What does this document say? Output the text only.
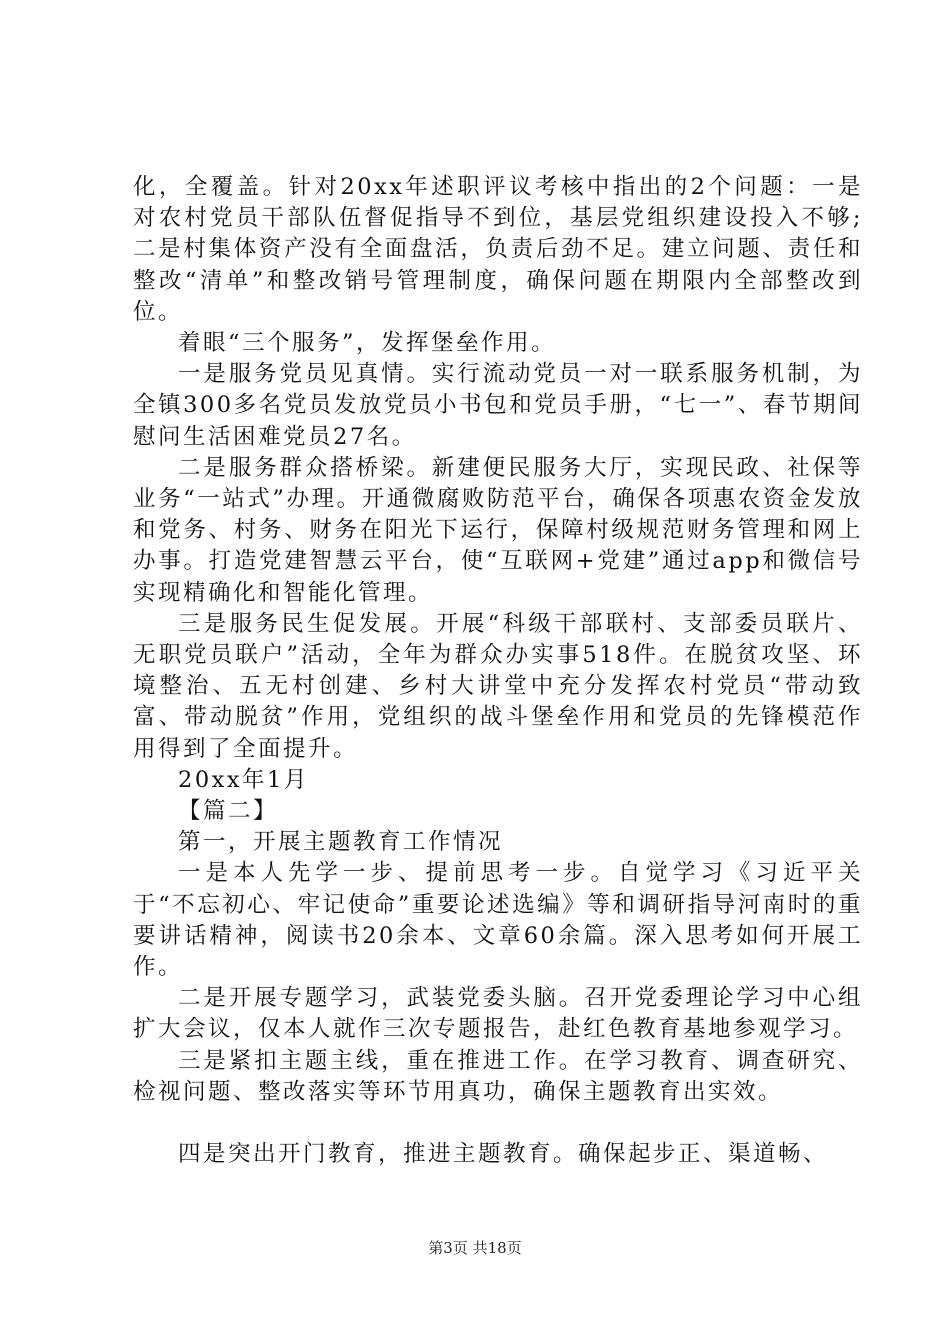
化，全覆盖。针对20xx年述职评议考核中指出的2个问题：一是对农村党员干部队伍督促指导不到位，基层党组织建设投入不够;二是村集体资产没有全面盘活，负责后劲不足。建立问题、责任和整改“清单”和整改销号管理制度，确保问题在期限内全部整改到位。

着眼“三个服务”，发挥堡垒作用。

一是服务党员见真情。实行流动党员一对一联系服务机制，为全镇300多名党员发放党员小书包和党员手册，“七一”、春节期间慰问生活困难党员27名。

二是服务群众搭桥梁。新建便民服务大厅，实现民政、社保等业务“一站式”办理。开通微腐败防范平台，确保各项惠农资金发放和党务、村务、财务在阳光下运行，保障村级规范财务管理和网上办事。打造党建智慧云平台，使“互联网+党建”通过app和微信号实现精确化和智能化管理。

三是服务民生促发展。开展“科级干部联村、支部委员联片、无职党员联户”活动，全年为群众办实事518件。在脱贫攻坚、环境整治、五无村创建、乡村大讲堂中充分发挥农村党员“带动致富、带动脱贫”作用，党组织的战斗堡垒作用和党员的先锋模范作用得到了全面提升。

20xx年1月

【篇二】

第一，开展主题教育工作情况

一是本人先学一步、提前思考一步。自觉学习《习近平关于“不忘初心、牢记使命”重要论述选编》等和调研指导河南时的重要讲话精神，阅读书20余本、文章60余篇。深入思考如何开展工作。

二是开展专题学习，武装党委头脑。召开党委理论学习中心组扩大会议，仅本人就作三次专题报告，赴红色教育基地参观学习。

三是紧扣主题主线，重在推进工作。在学习教育、调查研究、检视问题、整改落实等环节用真功，确保主题教育出实效。

四是突出开门教育，推进主题教育。确保起步正、渠道畅、

第3页 共18页
